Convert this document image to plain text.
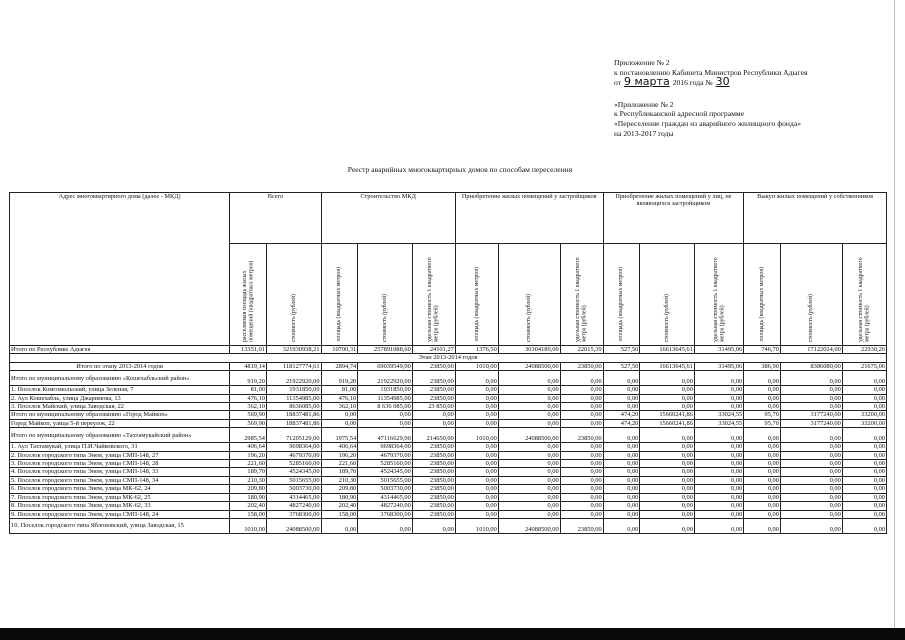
Приложение № 2
к постановлению Кабинета Министров Республики Адыгея
от 9 марта 2016 года № 30
«Приложение № 2
к Республиканской адресной программе
«Переселение граждан из аварийного жилищного фонда»
на 2013-2017 годы
Реестр аварийных многоквартирных домов по способам переселения
Адрес многоквартирного дома (далее - МКД)	Всего		Строительство МКД			Приобретение жилых помещений у застройщиков			Приобретение жилых помещений у лиц, не являющихся застройщиком			Выкуп жилых помещений у собственников		
	расселяемая площадь жилых помещений (квадратных метров)	стоимость (рублей)	площадь (квадратных метров)	стоимость (рублей)	удельная стоимость 1 квадратного метра (рублей)	площадь (квадратных метров)	стоимость (рублей)	удельная стоимость 1 квадратного метра (рублей)	площадь (квадратных метров)	стоимость (рублей)	удельная стоимость 1 квадратного метра (рублей)	площадь (квадратных метров)	стоимость (рублей)	удельная стоимость 1 квадратного метра (рублей)
Итого по Республике Адыгея	13351,01	321930938,21	10700,31	257891088,60	24101,27	1376,50	30304180,00	22015,39	527,50	16613645,61	31495,06	746,70	17122024,00	22930,26
Этап 2013-2014 годов														
Итого по этапу 2013-2014 годов	4819,14	118127774,61	2894,74	69039549,00	23850,00	1010,00	24088500,00	23850,00	527,50	16613645,61	31495,06	386,90	8386080,00	21675,06
Итого по муниципальному образованию «Кошехабльский район»	919,20	21922920,00	919,20	21922920,00	23850,00	0,00	0,00	0,00	0,00	0,00	0,00	0,00	0,00	0,00
1. Поселок Комсомольский, улица Зеленая, 7	81,00	1931850,00	81,00	1931850,00	23850,00	0,00	0,00	0,00	0,00	0,00	0,00	0,00	0,00	0,00
2. Аул Кошехабль, улица Джаримова, 13	476,10	11354985,00	476,10	11354985,00	23850,00	0,00	0,00	0,00	0,00	0,00	0,00	0,00	0,00	0,00
3. Поселок Майский, улица Заводская, 22	362,10	8636085,00	362,10	8 636 085,00	23 850,00	0,00	0,00	0,00	0,00	0,00	0,00	0,00	0,00	0,00
Итого по муниципальному образованию «Город Майкоп»	569,90	18837481,86	0,00	0,00	0,00	0,00	0,00	0,00	474,20	15660241,86	33024,55	95,70	3177240,00	33200,00
Город Майкоп, улица 5-й переулок, 22	569,90	18837481,86	0,00	0,00	0,00	0,00	0,00	0,00	474,20	15660241,86	33024,55	95,70	3177240,00	33200,00
Итого по муниципальному образованию «Тахтамукайский район»	2985,54	71205129,00	1975,54	47116629,00	214650,00	1010,00	24088500,00	23850,00	0,00	0,00	0,00	0,00	0,00	0,00
1. Аул Тахтамукай, улица П.И.Чайковского, 31	406,64	9698364,00	406,64	9698364,00	23850,00	0,00	0,00	0,00	0,00	0,00	0,00	0,00	0,00	0,00
2. Поселок городского типа Энем, улица СМП-148, 27	196,20	4679370,00	196,20	4679370,00	23850,00	0,00	0,00	0,00	0,00	0,00	0,00	0,00	0,00	0,00
3. Поселок городского типа Энем, улица СМП-148, 28	221,60	5285160,00	221,60	5285160,00	23850,00	0,00	0,00	0,00	0,00	0,00	0,00	0,00	0,00	0,00
4. Поселок городского типа Энем, улица СМП-148, 33	189,70	4524345,00	189,70	4524345,00	23850,00	0,00	0,00	0,00	0,00	0,00	0,00	0,00	0,00	0,00
5. Поселок городского типа Энем, улица СМП-148, 34	210,30	5015655,00	210,30	5015655,00	23850,00	0,00	0,00	0,00	0,00	0,00	0,00	0,00	0,00	0,00
6. Поселок городского типа Энем, улица МК-62, 24	209,80	5003730,00	209,80	5003730,00	23850,00	0,00	0,00	0,00	0,00	0,00	0,00	0,00	0,00	0,00
7. Поселок городского типа Энем, улица МК-62, 25	180,90	4314465,00	180,90	4314465,00	23850,00	0,00	0,00	0,00	0,00	0,00	0,00	0,00	0,00	0,00
8. Поселок городского типа Энем, улица МК-62, 33	202,40	4827240,00	202,40	4827240,00	23850,00	0,00	0,00	0,00	0,00	0,00	0,00	0,00	0,00	0,00
9. Поселок городского типа Энем, улица СМП-148, 24	158,00	3768300,00	158,00	3768300,00	23850,00	0,00	0,00	0,00	0,00	0,00	0,00	0,00	0,00	0,00
10. Поселок городского типа Яблоновский, улица Заводская, 15	1010,00	24088500,00	0,00	0,00	0,00	1010,00	24088500,00	23850,00	0,00	0,00	0,00	0,00	0,00	0,00
